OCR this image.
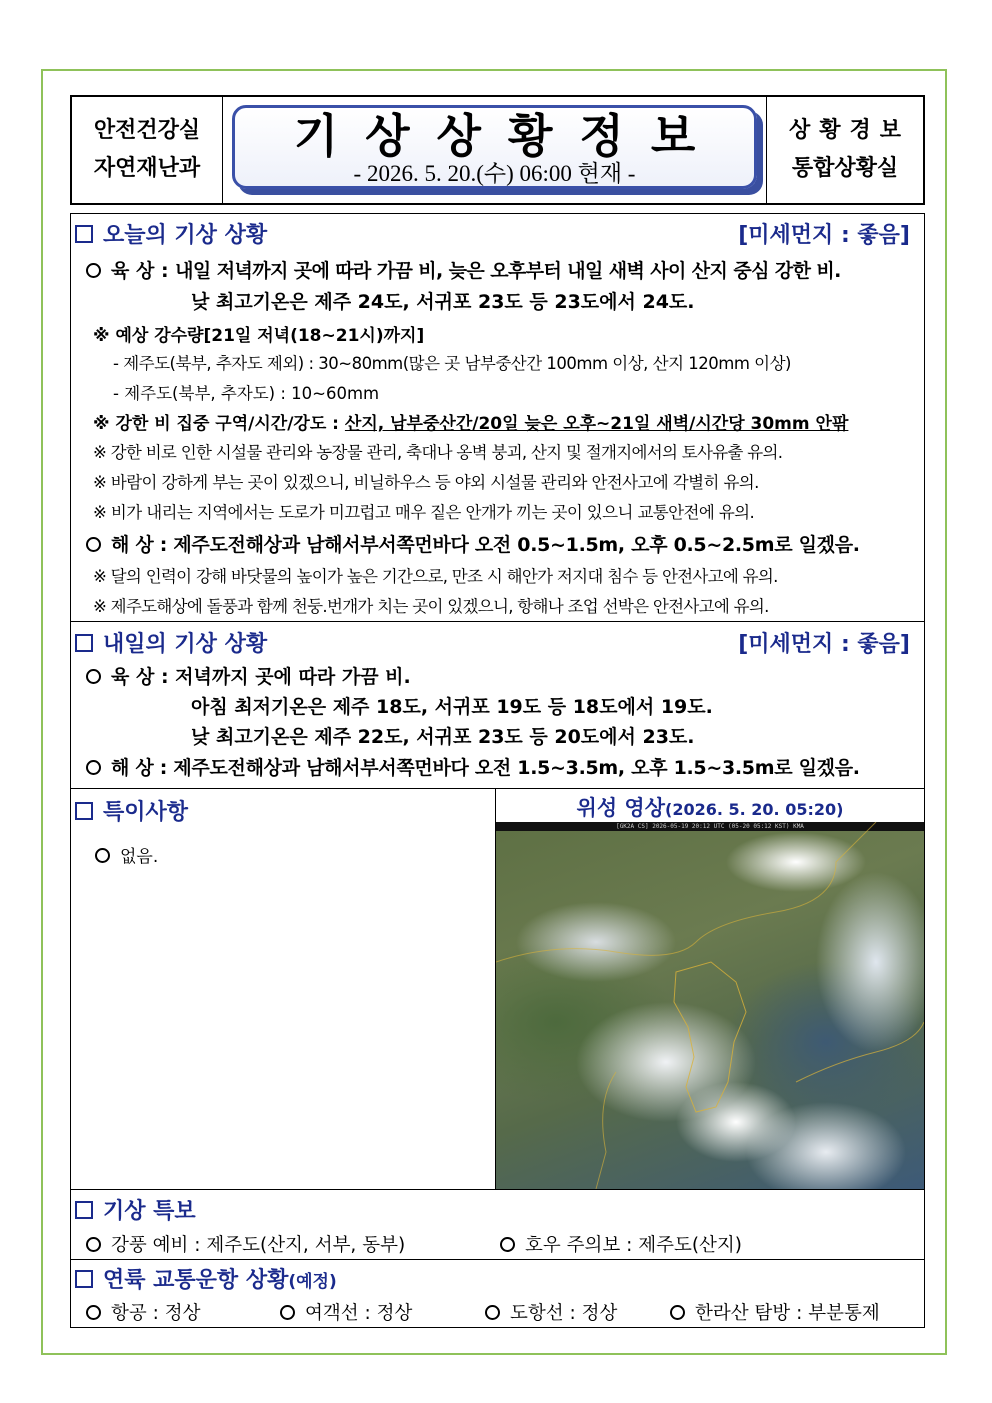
안전건강실
자연재난과
기상상황정보
- 2026. 5. 20.(수) 06:00 현재 -
상황경보
통합상황실
오늘의 기상 상황	[미세먼지 : 좋음]
육 상 : 내일 저녁까지 곳에 따라 가끔 비, 늦은 오후부터 내일 새벽 사이 산지 중심 강한 비.
낮 최고기온은 제주 24도, 서귀포 23도 등 23도에서 24도.
※ 예상 강수량[21일 저녁(18~21시)까지]
- 제주도(북부, 추자도 제외) : 30~80mm(많은 곳 남부중산간 100mm 이상, 산지 120mm 이상)
- 제주도(북부, 추자도) : 10~60mm
※ 강한 비 집중 구역/시간/강도 : 산지, 남부중산간/20일 늦은 오후~21일 새벽/시간당 30mm 안팎
※ 강한 비로 인한 시설물 관리와 농장물 관리, 축대나 옹벽 붕괴, 산지 및 절개지에서의 토사유출 유의.
※ 바람이 강하게 부는 곳이 있겠으니, 비닐하우스 등 야외 시설물 관리와 안전사고에 각별히 유의.
※ 비가 내리는 지역에서는 도로가 미끄럽고 매우 짙은 안개가 끼는 곳이 있으니 교통안전에 유의.
해 상 : 제주도전해상과 남해서부서쪽먼바다 오전 0.5~1.5m, 오후 0.5~2.5m로 일겠음.
※ 달의 인력이 강해 바닷물의 높이가 높은 기간으로, 만조 시 해안가 저지대 침수 등 안전사고에 유의.
※ 제주도해상에 돌풍과 함께 천둥.번개가 치는 곳이 있겠으니, 항해나 조업 선박은 안전사고에 유의.
내일의 기상 상황	[미세먼지 : 좋음]
육 상 : 저녁까지 곳에 따라 가끔 비.
아침 최저기온은 제주 18도, 서귀포 19도 등 18도에서 19도.
낮 최고기온은 제주 22도, 서귀포 23도 등 20도에서 23도.
해 상 : 제주도전해상과 남해서부서쪽먼바다 오전 1.5~3.5m, 오후 1.5~3.5m로 일겠음.
특이사항
없음.
위성 영상(2026. 5. 20. 05:20)
[GK2A CS] 2026-05-19 20:12 UTC (05-20 05:12 KST) KMA
기상 특보
강풍 예비 : 제주도(산지, 서부, 동부)	호우 주의보 : 제주도(산지)
연륙 교통운항 상황(예정)
항공 : 정상	여객선 : 정상	도항선 : 정상	한라산 탐방 : 부분통제
